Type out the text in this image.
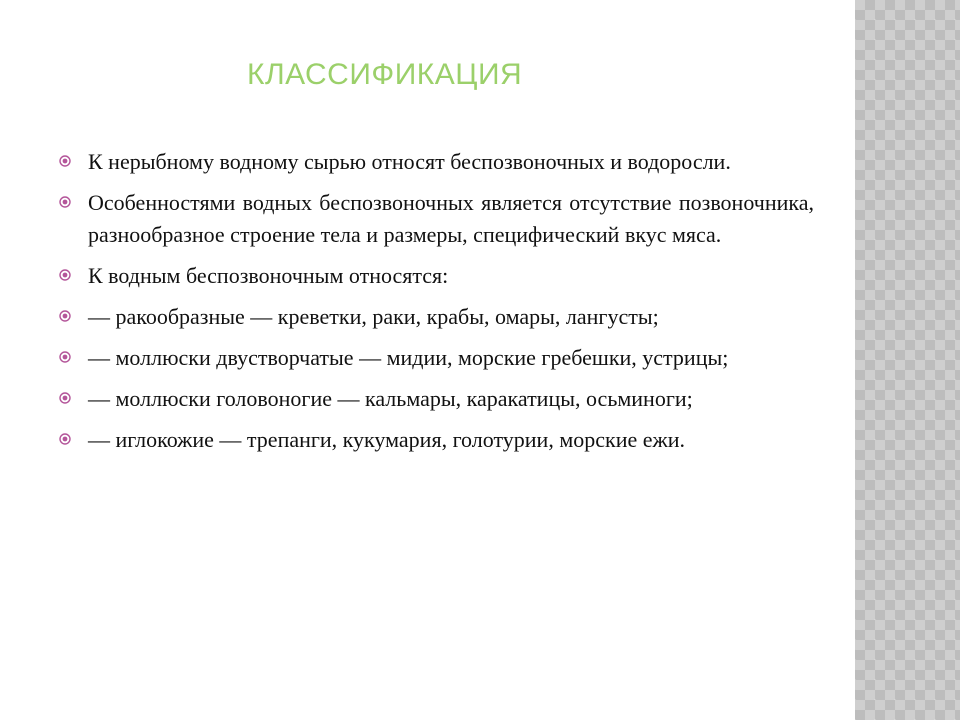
КЛАССИФИКАЦИЯ
К нерыбному водному сырью относят беспозвоночных и водоросли.
Особенностями водных беспозвоночных является отсутствие позвоночника, разнообразное строение тела и размеры, специфический вкус мяса.
К водным беспозвоночным относятся:
— ракообразные — креветки, раки, крабы, омары, лангусты;
— моллюски двустворчатые — мидии, морские гребешки, устрицы;
— моллюски головоногие — кальмары, каракатицы, осьминоги;
— иглокожие — трепанги, кукумария, голотурии, морские ежи.
